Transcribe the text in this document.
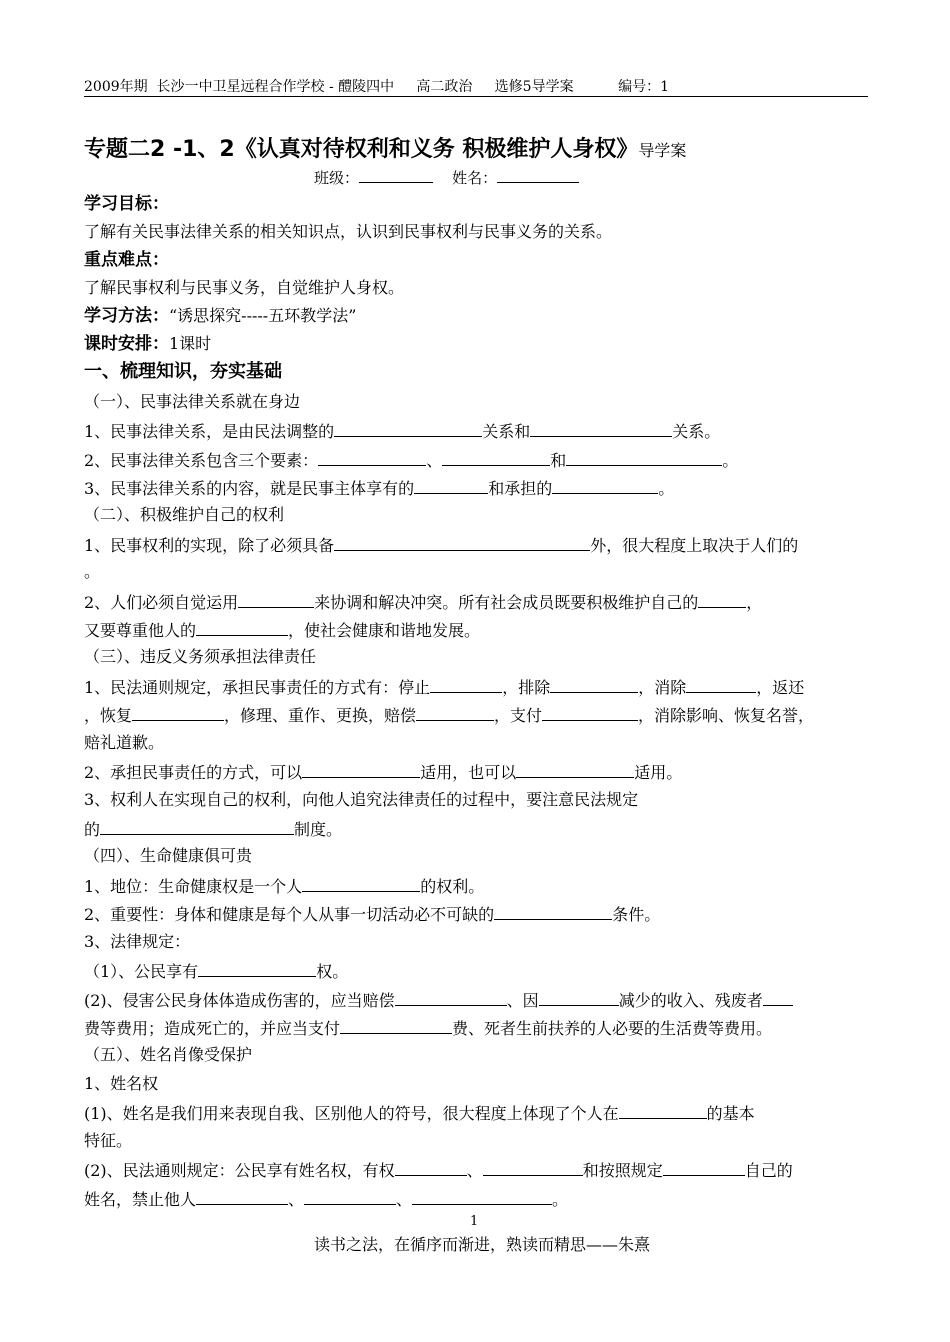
2009年期  长沙一中卫星远程合作学校 - 醴陵四中     高二政治     选修5导学案          编号：1
专题二2 -1、2《认真对待权利和义务 积极维护人身权》导学案
班级：	姓名：
学习目标：
了解有关民事法律关系的相关知识点，认识到民事权利与民事义务的关系。
重点难点：
了解民事权利与民事义务，自觉维护人身权。
学习方法：“诱思探究-----五环教学法”
课时安排：1课时
一、梳理知识，夯实基础
（一）、民事法律关系就在身边
1、民事法律关系，是由民法调整的	关系和	关系。
2、民事法律关系包含三个要素：	、	和	。
3、民事法律关系的内容，就是民事主体享有的	和承担的	。
（二）、积极维护自己的权利
1、民事权利的实现，除了必须具备	外，很大程度上取决于人们的
。
2、人们必须自觉运用	来协调和解决冲突。所有社会成员既要积极维护自己的	，
又要尊重他人的	，使社会健康和谐地发展。
（三）、违反义务须承担法律责任
1、民法通则规定，承担民事责任的方式有：停止	，排除	，消除	，返还
，恢复	，修理、重作、更换，赔偿	，支付	，消除影响、恢复名誉，
赔礼道歉。
2、承担民事责任的方式，可以	适用，也可以	适用。
3、权利人在实现自己的权利，向他人追究法律责任的过程中，要注意民法规定
的	制度。
（四）、生命健康俱可贵
1、地位：生命健康权是一个人	的权利。
2、重要性：身体和健康是每个人从事一切活动必不可缺的	条件。
3、法律规定：
（1）、公民享有	权。
(2)、侵害公民身体体造成伤害的，应当赔偿	、因	减少的收入、残废者
费等费用；造成死亡的，并应当支付	费、死者生前扶养的人必要的生活费等费用。
（五）、姓名肖像受保护
1、姓名权
(1)、姓名是我们用来表现自我、区别他人的符号，很大程度上体现了个人在	的基本
特征。
(2)、民法通则规定：公民享有姓名权，有权	、	和按照规定	自己的
姓名，禁止他人	、	、	。
1
读书之法，在循序而渐进，熟读而精思——朱熹
